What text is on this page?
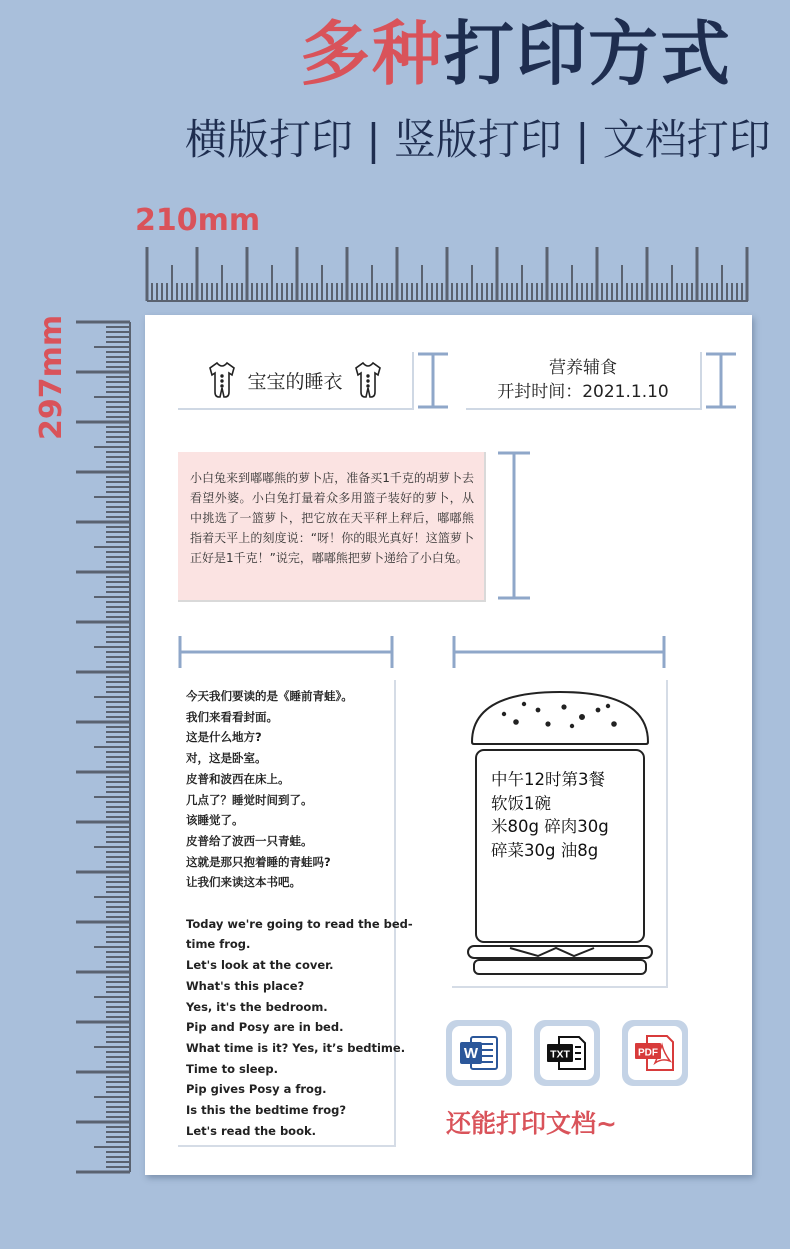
多种打印方式
横版打印 | 竖版打印 | 文档打印
210mm
297mm	宝宝的睡衣
营养辅食
开封时间：2021.1.10

小白兔来到嘟嘟熊的萝卜店，准备买1千克的胡萝卜去看望外婆。小白兔打量着众多用篮子装好的萝卜，从中挑选了一篮萝卜，把它放在天平秤上秤后，嘟嘟熊指着天平上的刻度说：“呀！你的眼光真好！这篮萝卜正好是1千克！”说完，嘟嘟熊把萝卜递给了小白兔。

今天我们要读的是《睡前青蛙》。
我们来看看封面。
这是什么地方?
对，这是卧室。
皮普和波西在床上。
几点了？睡觉时间到了。
该睡觉了。
皮普给了波西一只青蛙。
这就是那只抱着睡的青蛙吗?
让我们来读这本书吧。
Today we're going to read the bed-
time frog.
Let's look at the cover.
What's this place?
Yes, it's the bedroom.
Pip and Posy are in bed.
What time is it? Yes, it’s bedtime.
Time to sleep.
Pip gives Posy a frog.
Is this the bedtime frog?
Let's read the book.
中午12时第3餐
软饭1碗
米80g 碎肉30g
碎菜30g 油8g
W	TXT	PDF
还能打印文档~
